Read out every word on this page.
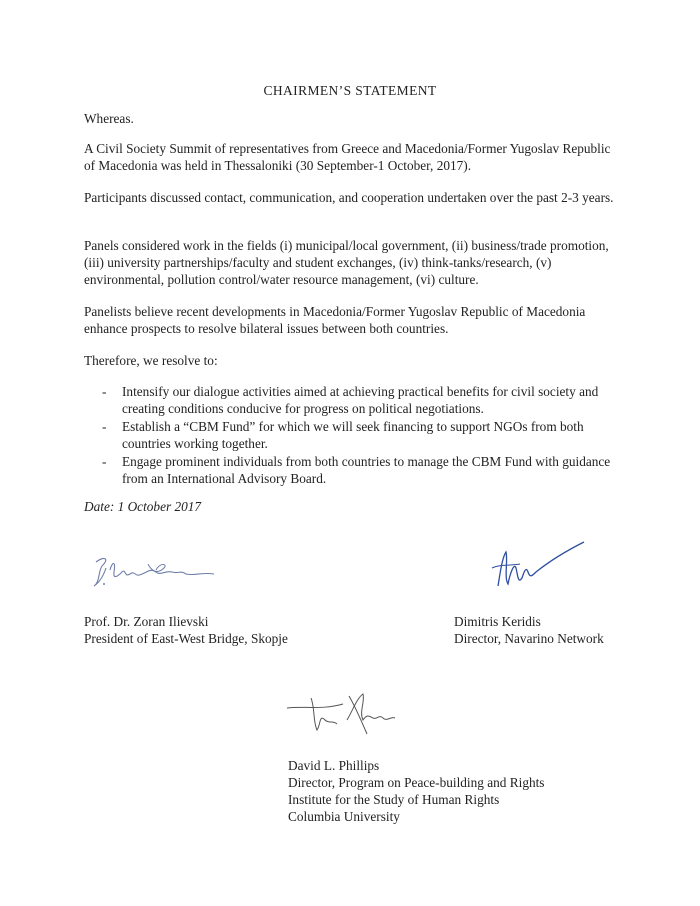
CHAIRMEN’S STATEMENT

Whereas.

A Civil Society Summit of representatives from Greece and Macedonia/Former Yugoslav Republic of Macedonia was held in Thessaloniki (30 September-1 October, 2017).

Participants discussed contact, communication, and cooperation undertaken over the past 2-3 years.

Panels considered work in the fields (i) municipal/local government, (ii) business/trade promotion, (iii) university partnerships/faculty and student exchanges, (iv) think-tanks/research, (v) environmental, pollution control/water resource management, (vi) culture.

Panelists believe recent developments in Macedonia/Former Yugoslav Republic of Macedonia enhance prospects to resolve bilateral issues between both countries.

Therefore, we resolve to:

- Intensify our dialogue activities aimed at achieving practical benefits for civil society and creating conditions conducive for progress on political negotiations.
- Establish a “CBM Fund” for which we will seek financing to support NGOs from both countries working together.
- Engage prominent individuals from both countries to manage the CBM Fund with guidance from an International Advisory Board.
Date: 1 October 2017
Prof. Dr. Zoran Ilievski
President of East-West Bridge, Skopje
Dimitris Keridis
Director, Navarino Network
David L. Phillips
Director, Program on Peace-building and Rights
Institute for the Study of Human Rights
Columbia University
